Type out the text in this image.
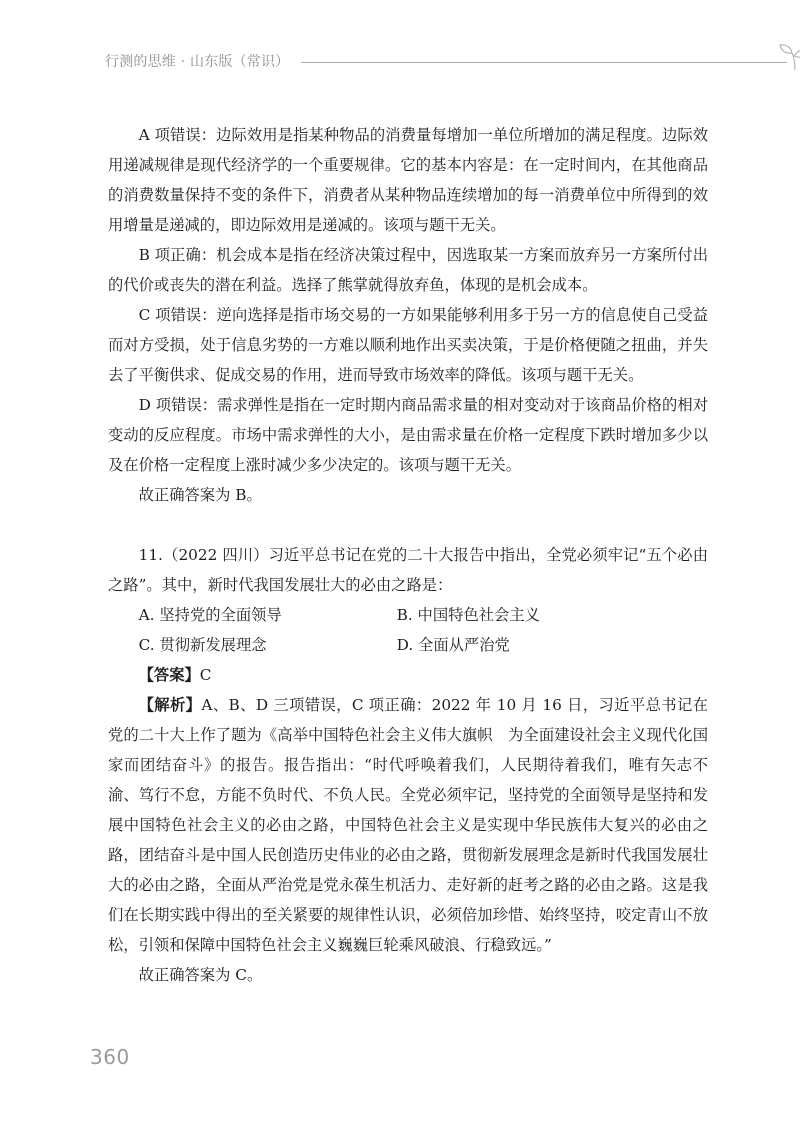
行测的思维 · 山东版（常识）

A 项错误：边际效用是指某种物品的消费量每增加一单位所增加的满足程度。边际效用递减规律是现代经济学的一个重要规律。它的基本内容是：在一定时间内，在其他商品的消费数量保持不变的条件下，消费者从某种物品连续增加的每一消费单位中所得到的效用增量是递减的，即边际效用是递减的。该项与题干无关。

B 项正确：机会成本是指在经济决策过程中，因选取某一方案而放弃另一方案所付出的代价或丧失的潜在利益。选择了熊掌就得放弃鱼，体现的是机会成本。

C 项错误：逆向选择是指市场交易的一方如果能够利用多于另一方的信息使自己受益而对方受损，处于信息劣势的一方难以顺利地作出买卖决策，于是价格便随之扭曲，并失去了平衡供求、促成交易的作用，进而导致市场效率的降低。该项与题干无关。

D 项错误：需求弹性是指在一定时期内商品需求量的相对变动对于该商品价格的相对变动的反应程度。市场中需求弹性的大小，是由需求量在价格一定程度下跌时增加多少以及在价格一定程度上涨时减少多少决定的。该项与题干无关。

故正确答案为 B。

11.（2022 四川）习近平总书记在党的二十大报告中指出，全党必须牢记“五个必由之路”。其中，新时代我国发展壮大的必由之路是：

A. 坚持党的全面领导	B. 中国特色社会主义
C. 贯彻新发展理念	D. 全面从严治党

【答案】C

【解析】A、B、D 三项错误，C 项正确：2022 年 10 月 16 日，习近平总书记在党的二十大上作了题为《高举中国特色社会主义伟大旗帜　为全面建设社会主义现代化国家而团结奋斗》的报告。报告指出：“时代呼唤着我们，人民期待着我们，唯有矢志不渝、笃行不怠，方能不负时代、不负人民。全党必须牢记，坚持党的全面领导是坚持和发展中国特色社会主义的必由之路，中国特色社会主义是实现中华民族伟大复兴的必由之路，团结奋斗是中国人民创造历史伟业的必由之路，贯彻新发展理念是新时代我国发展壮大的必由之路，全面从严治党是党永葆生机活力、走好新的赶考之路的必由之路。这是我们在长期实践中得出的至关紧要的规律性认识，必须倍加珍惜、始终坚持，咬定青山不放松，引领和保障中国特色社会主义巍巍巨轮乘风破浪、行稳致远。”

故正确答案为 C。

360
